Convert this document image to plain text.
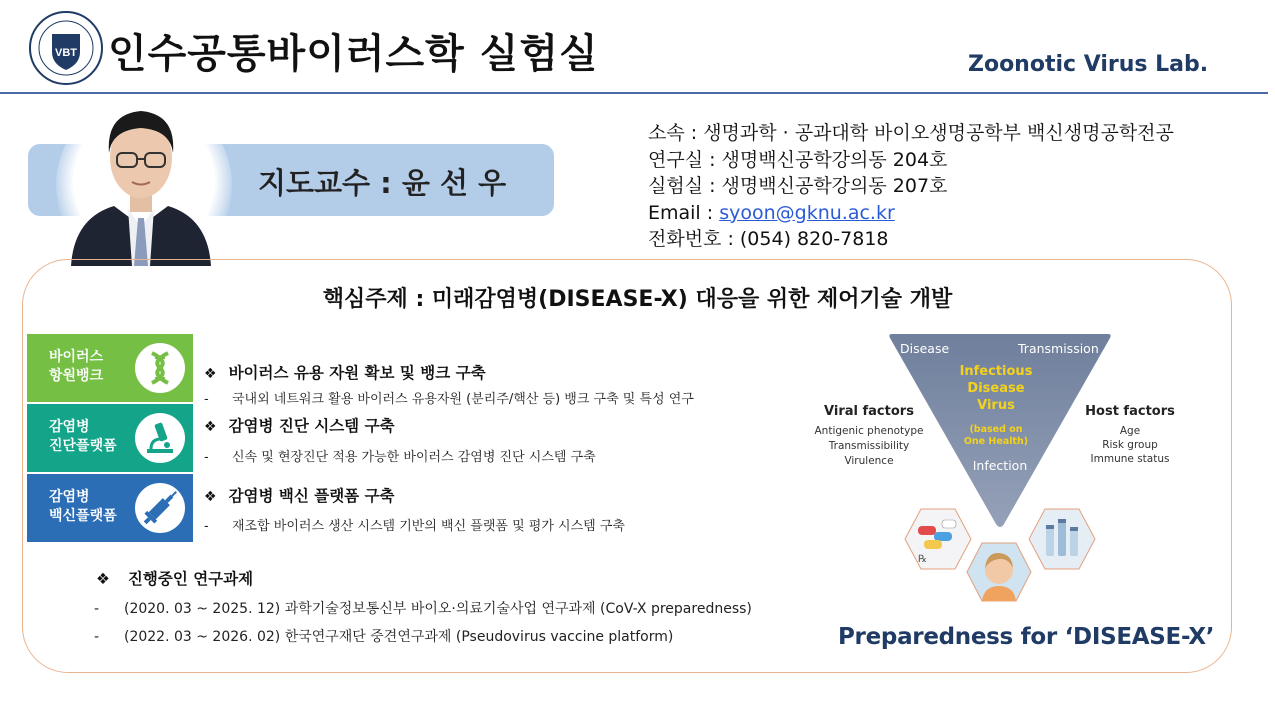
VBT 인수공통바이러스학 실험실	Zoonotic Virus Lab.
지도교수 : 윤 선 우
소속 : 생명과학 · 공과대학 바이오생명공학부 백신생명공학전공
연구실 : 생명백신공학강의동 204호
실험실 : 생명백신공학강의동 207호
Email : syoon@gknu.ac.kr
전화번호 : (054) 820-7818
핵심주제 : 미래감염병(DISEASE-X) 대응을 위한 제어기술 개발
바이러스
항원뱅크
감염병
진단플랫폼
감염병
백신플랫폼
❖ 바이러스 유용 자원 확보 및 뱅크 구축
- 국내외 네트워크 활용 바이러스 유용자원 (분리주/핵산 등) 뱅크 구축 및 특성 연구
❖ 감염병 진단 시스템 구축
- 신속 및 현장진단 적용 가능한 바이러스 감염병 진단 시스템 구축
❖ 감염병 백신 플랫폼 구축
- 재조합 바이러스 생산 시스템 기반의 백신 플랫폼 및 평가 시스템 구축
❖ 진행중인 연구과제
- (2020. 03 ~ 2025. 12) 과학기술정보통신부 바이오·의료기술사업 연구과제 (CoV-X preparedness)
- (2022. 03 ~ 2026. 02) 한국연구재단 중견연구과제 (Pseudovirus vaccine platform)
Disease	Transmission
Infectious
Disease
Virus
(based on
One Health)
Infection
Viral factors
Antigenic phenotype
Transmissibility
Virulence
Host factors
Age
Risk group
Immune status
℞
Preparedness for ‘DISEASE-X’
